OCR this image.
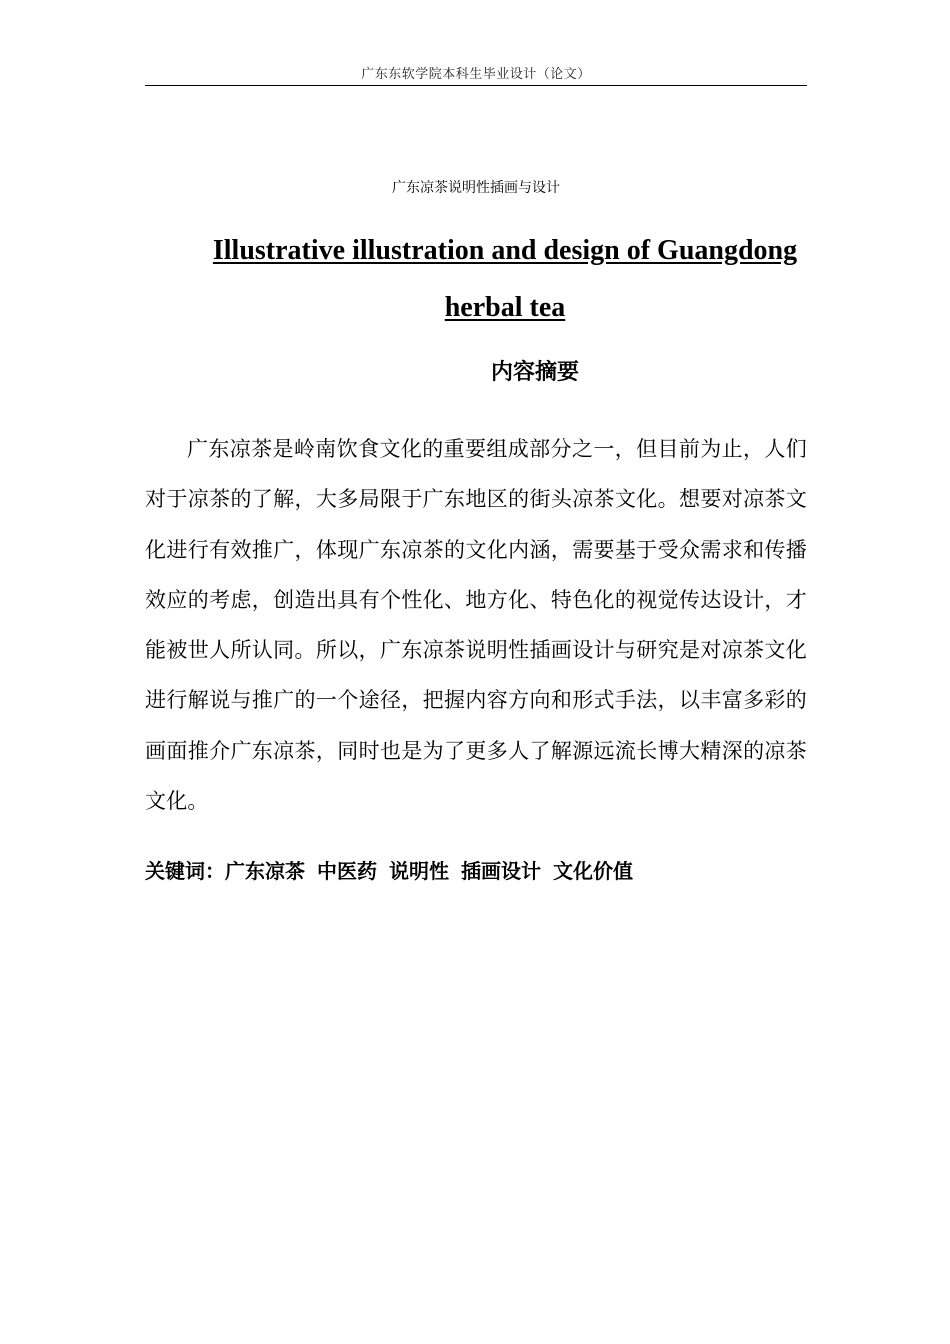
广东东软学院本科生毕业设计（论文）
广东凉茶说明性插画与设计
Illustrative illustration and design of Guangdong herbal tea
内容摘要

广东凉茶是岭南饮食文化的重要组成部分之一，但目前为止，人们对于凉茶的了解，大多局限于广东地区的街头凉茶文化。想要对凉茶文化进行有效推广，体现广东凉茶的文化内涵，需要基于受众需求和传播效应的考虑，创造出具有个性化、地方化、特色化的视觉传达设计，才能被世人所认同。所以，广东凉茶说明性插画设计与研究是对凉茶文化进行解说与推广的一个途径，把握内容方向和形式手法，以丰富多彩的画面推介广东凉茶，同时也是为了更多人了解源远流长博大精深的凉茶文化。

关键词：广东凉茶 中医药 说明性 插画设计 文化价值
